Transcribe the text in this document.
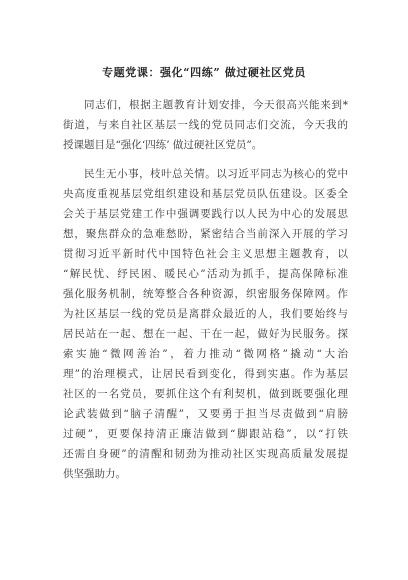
专题党课：强化“四练” 做过硬社区党员
同志们，根据主题教育计划安排，今天很高兴能来到*
街道，与来自社区基层一线的党员同志们交流，今天我的
授课题目是“强化‘四练’ 做过硬社区党员”。
民生无小事，枝叶总关情。以习近平同志为核心的党中
央高度重视基层党组织建设和基层党员队伍建设。区委全
会关于基层党建工作中强调要践行以人民为中心的发展思
想，聚焦群众的急难愁盼，紧密结合当前深入开展的学习
贯彻习近平新时代中国特色社会主义思想主题教育，以
“解民忧、纾民困、暖民心”活动为抓手，提高保障标准
强化服务机制，统筹整合各种资源，织密服务保障网。作
为社区基层一线的党员是离群众最近的人，我们要始终与
居民站在一起、想在一起、干在一起，做好为民服务。探
索实施“微网善治”，着力推动“微网格”撬动“大治
理”的治理模式，让居民看到变化，得到实惠。作为基层
社区的一名党员，要抓住这个有利契机，做到既要强化理
论武装做到“脑子清醒”，又要勇于担当尽责做到“肩膀
过硬”，更要保持清正廉洁做到“脚跟站稳”，以“打铁
还需自身硬”的清醒和韧劲为推动社区实现高质量发展提
供坚强助力。
